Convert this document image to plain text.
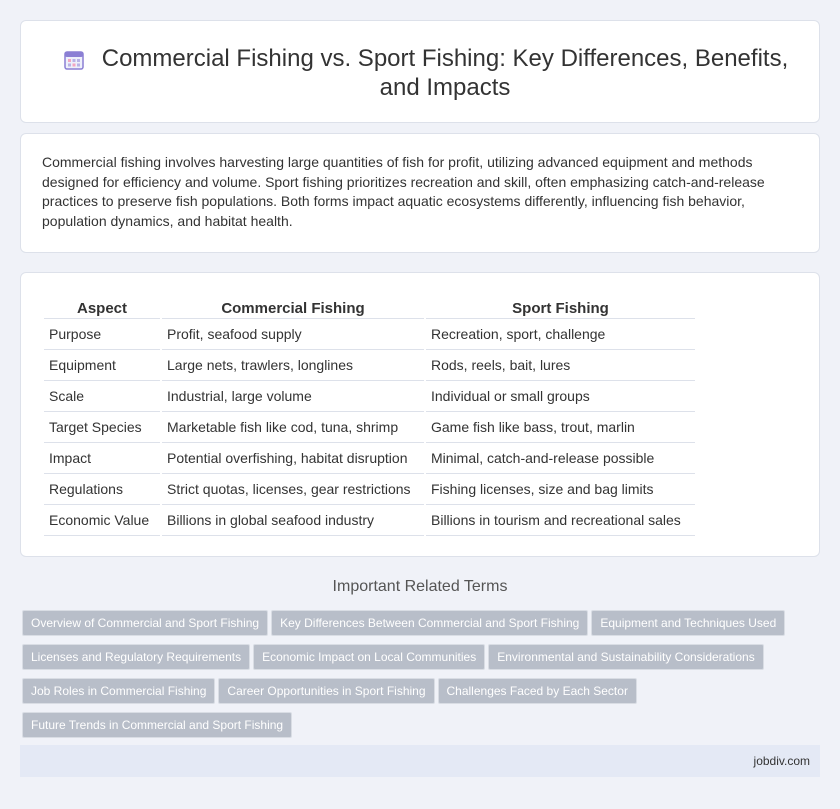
Commercial Fishing vs. Sport Fishing: Key Differences, Benefits, and Impacts

Commercial fishing involves harvesting large quantities of fish for profit, utilizing advanced equipment and methods designed for efficiency and volume. Sport fishing prioritizes recreation and skill, often emphasizing catch-and-release practices to preserve fish populations. Both forms impact aquatic ecosystems differently, influencing fish behavior, population dynamics, and habitat health.

Aspect	Commercial Fishing	Sport Fishing
Purpose	Profit, seafood supply	Recreation, sport, challenge
Equipment	Large nets, trawlers, longlines	Rods, reels, bait, lures
Scale	Industrial, large volume	Individual or small groups
Target Species	Marketable fish like cod, tuna, shrimp	Game fish like bass, trout, marlin
Impact	Potential overfishing, habitat disruption	Minimal, catch-and-release possible
Regulations	Strict quotas, licenses, gear restrictions	Fishing licenses, size and bag limits
Economic Value	Billions in global seafood industry	Billions in tourism and recreational sales
Important Related Terms
Overview of Commercial and Sport Fishing Key Differences Between Commercial and Sport Fishing Equipment and Techniques Used
Licenses and Regulatory Requirements Economic Impact on Local Communities Environmental and Sustainability Considerations
Job Roles in Commercial Fishing Career Opportunities in Sport Fishing Challenges Faced by Each Sector
Future Trends in Commercial and Sport Fishing
jobdiv.com
